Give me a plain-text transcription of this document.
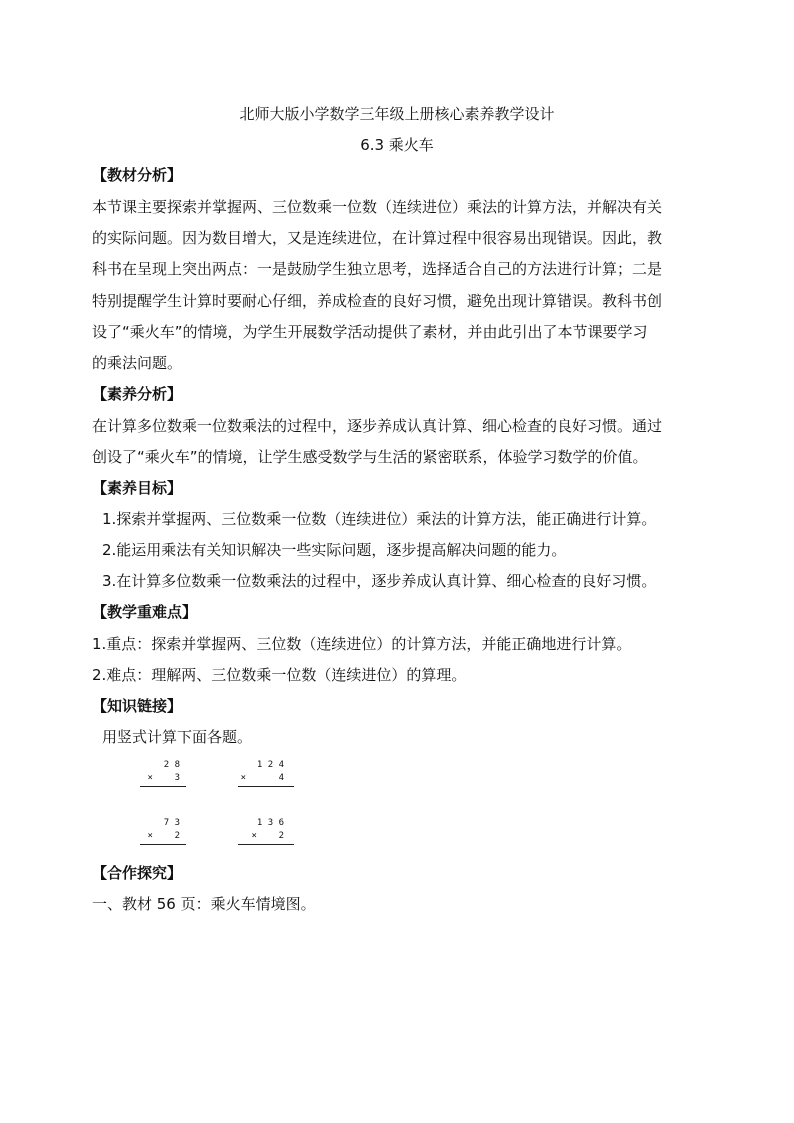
北师大版小学数学三年级上册核心素养教学设计
6.3 乘火车
【教材分析】
本节课主要探索并掌握两、三位数乘一位数（连续进位）乘法的计算方法，并解决有关
的实际问题。因为数目增大，又是连续进位，在计算过程中很容易出现错误。因此，教
科书在呈现上突出两点：一是鼓励学生独立思考，选择适合自己的方法进行计算；二是
特别提醒学生计算时要耐心仔细，养成检查的良好习惯，避免出现计算错误。教科书创
设了“乘火车”的情境，为学生开展数学活动提供了素材，并由此引出了本节课要学习
的乘法问题。
【素养分析】
在计算多位数乘一位数乘法的过程中，逐步养成认真计算、细心检查的良好习惯。通过
创设了“乘火车”的情境，让学生感受数学与生活的紧密联系，体验学习数学的价值。
【素养目标】
1.探索并掌握两、三位数乘一位数（连续进位）乘法的计算方法，能正确进行计算。
2.能运用乘法有关知识解决一些实际问题，逐步提高解决问题的能力。
3.在计算多位数乘一位数乘法的过程中，逐步养成认真计算、细心检查的良好习惯。
【教学重难点】
1.重点：探索并掌握两、三位数（连续进位）的计算方法，并能正确地进行计算。
2.难点：理解两、三位数乘一位数（连续进位）的算理。
【知识链接】
用竖式计算下面各题。
2 8
×    3
1 2 4
×      4
7 3
×    2
1 3 6
×    2
【合作探究】
一、教材 56 页：乘火车情境图。
